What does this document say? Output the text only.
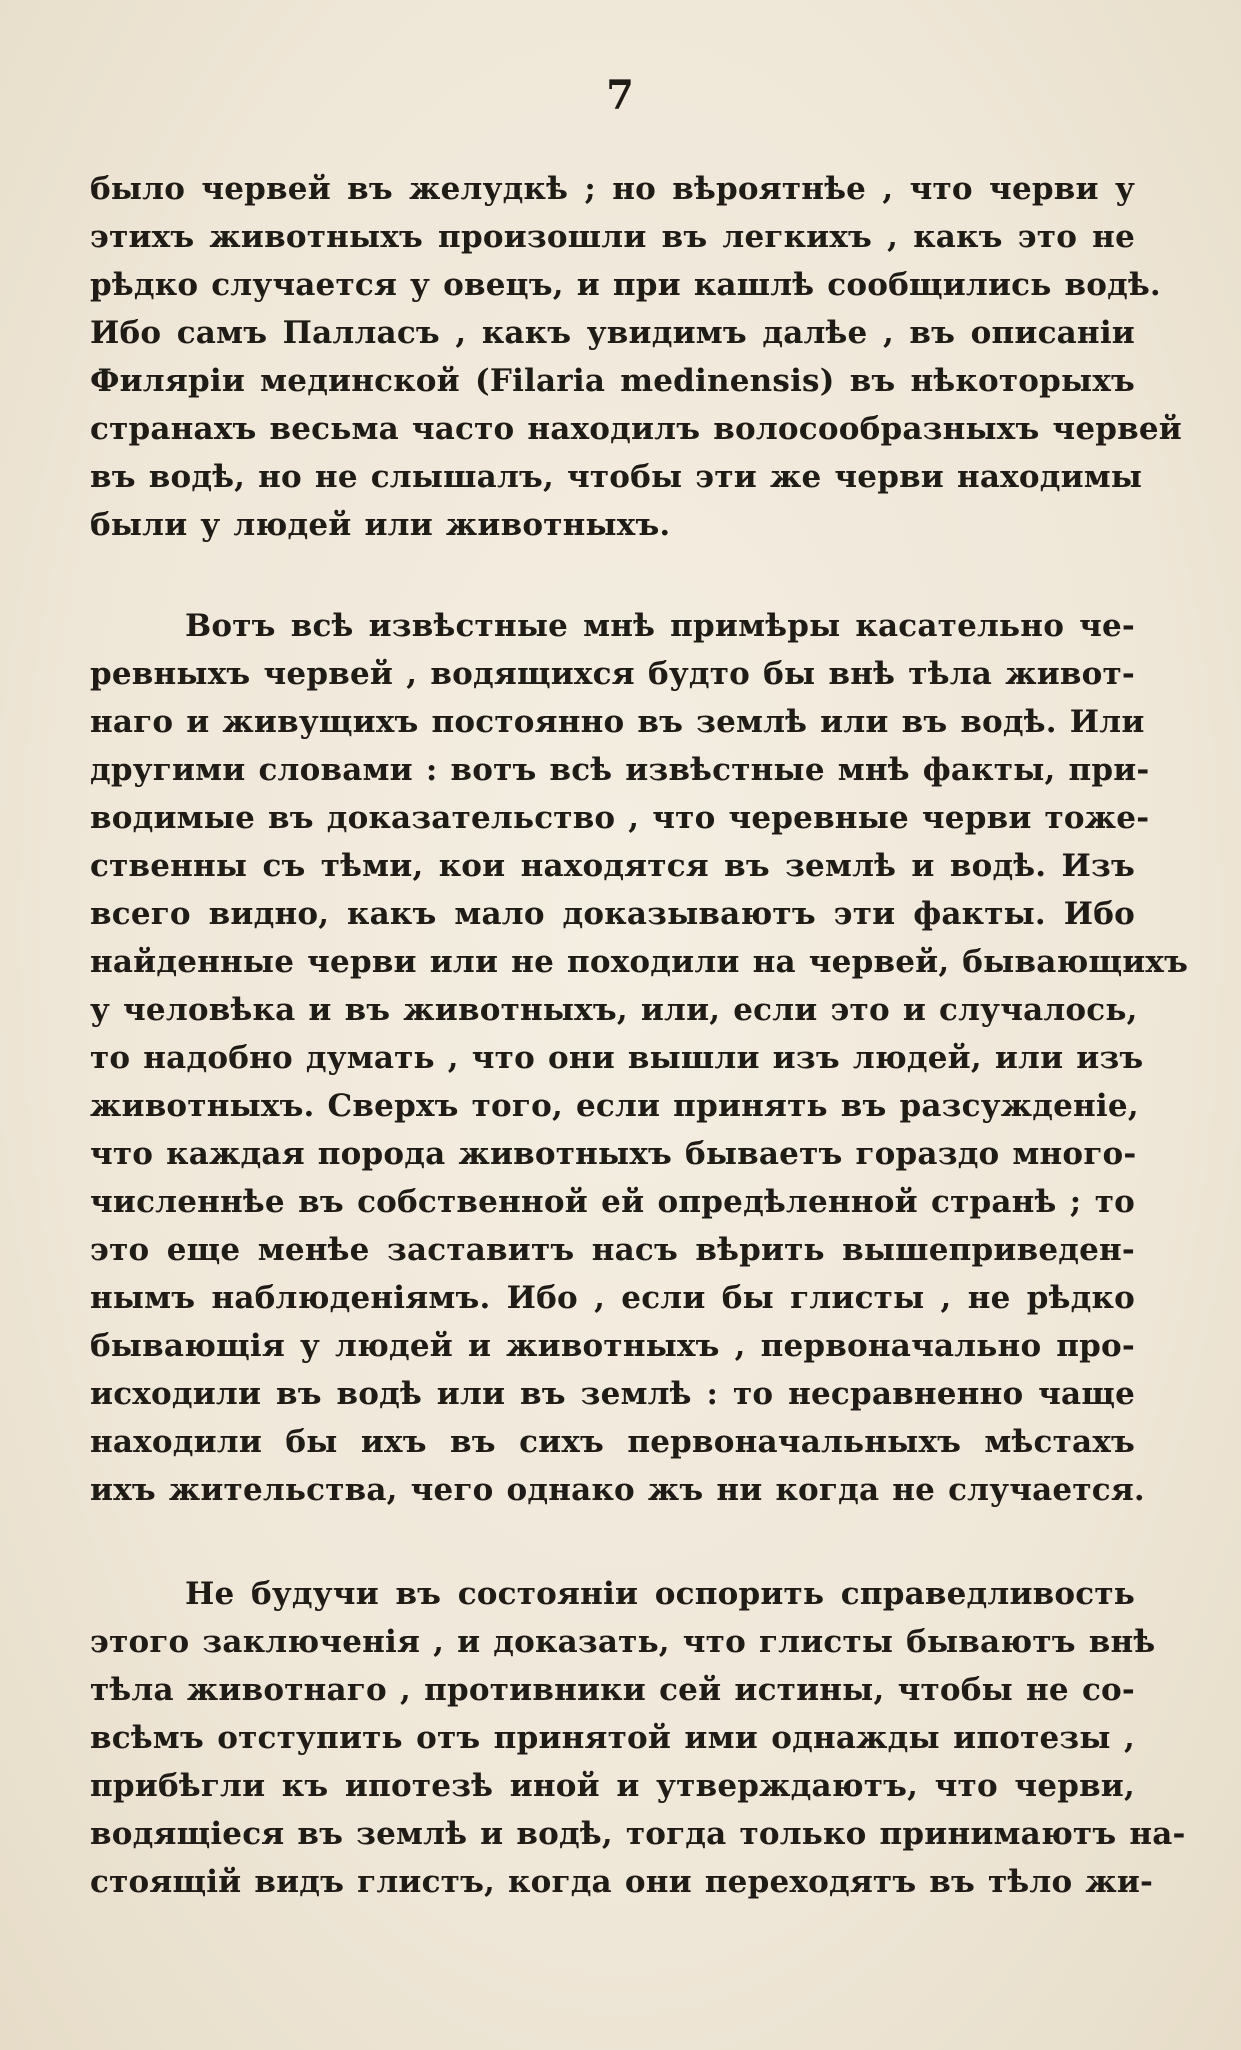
7
было червей въ желудкѣ ; но вѣроятнѣе , что черви у
этихъ животныхъ произошли въ легкихъ , какъ это не
рѣдко случается у овецъ, и при кашлѣ сообщились водѣ.
Ибо самъ Палласъ , какъ увидимъ далѣе , въ описаніи
Филяріи мединской (Filaria medinensis) въ нѣкоторыхъ
странахъ весьма часто находилъ волосообразныхъ червей
въ водѣ, но не слышалъ, чтобы эти же черви находимы
были у людей или животныхъ.
Вотъ всѣ извѣстные мнѣ примѣры касательно че-
ревныхъ червей , водящихся будто бы внѣ тѣла живот-
наго и живущихъ постоянно въ землѣ или въ водѣ. Или
другими словами : вотъ всѣ извѣстные мнѣ факты, при-
водимые въ доказательство , что черевные черви тоже-
ственны съ тѣми, кои находятся въ землѣ и водѣ. Изъ
всего видно, какъ мало доказываютъ эти факты. Ибо
найденные черви или не походили на червей, бывающихъ
у человѣка и въ животныхъ, или, если это и случалось,
то надобно думать , что они вышли изъ людей, или изъ
животныхъ. Сверхъ того, если принять въ разсужденіе,
что каждая порода животныхъ бываетъ гораздо много-
численнѣе въ собственной ей опредѣленной странѣ ; то
это еще менѣе заставитъ насъ вѣрить вышеприведен-
нымъ наблюденіямъ. Ибо , если бы глисты , не рѣдко
бывающія у людей и животныхъ , первоначально про-
исходили въ водѣ или въ землѣ : то несравненно чаще
находили бы ихъ въ сихъ первоначальныхъ мѣстахъ
ихъ жительства, чего однако жъ ни когда не случается.
Не будучи въ состояніи оспорить справедливость
этого заключенія , и доказать, что глисты бываютъ внѣ
тѣла животнаго , противники сей истины, чтобы не со-
всѣмъ отступить отъ принятой ими однажды ипотезы ,
прибѣгли къ ипотезѣ иной и утверждаютъ, что черви,
водящіеся въ землѣ и водѣ, тогда только принимаютъ на-
стоящій видъ глистъ, когда они переходятъ въ тѣло жи-
